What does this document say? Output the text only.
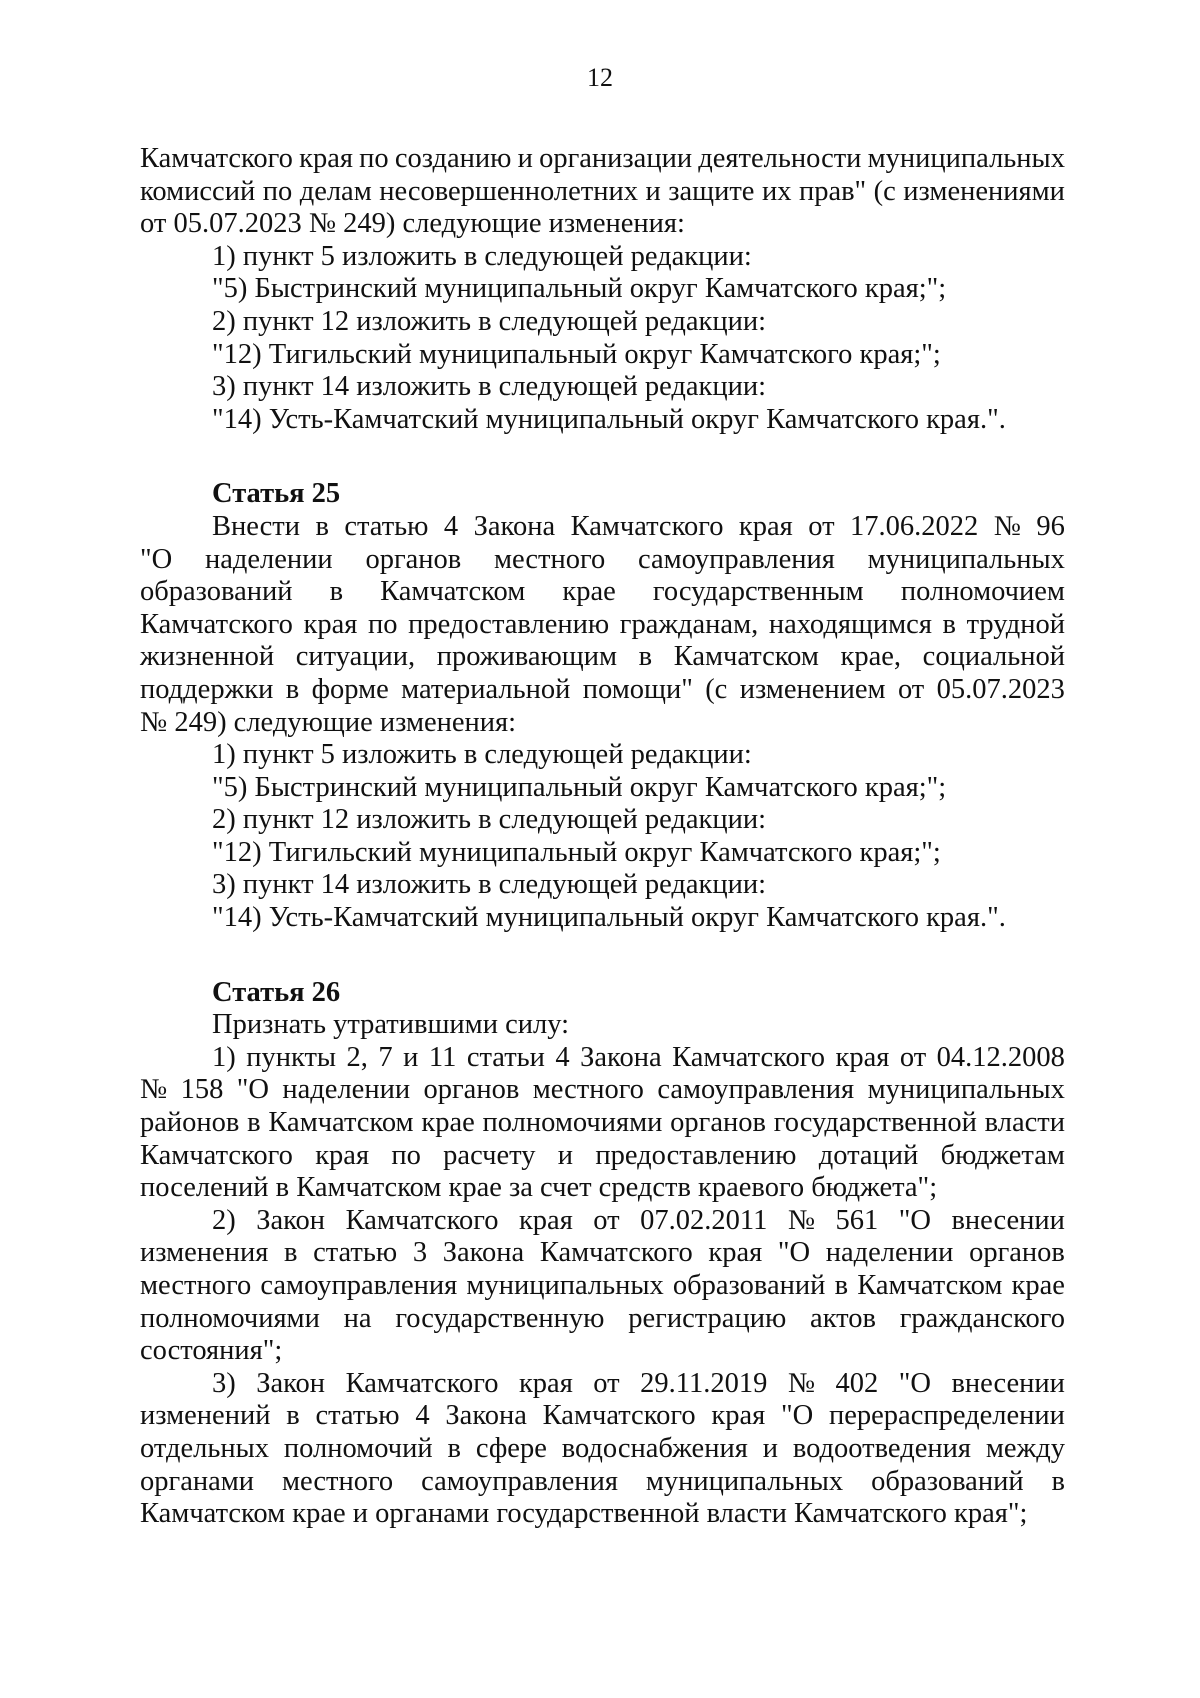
12
Камчатского края по созданию и организации деятельности муниципальных
комиссий по делам несовершеннолетних и защите их прав" (с изменениями
от 05.07.2023 № 249) следующие изменения:
1) пункт 5 изложить в следующей редакции:
"5) Быстринский муниципальный округ Камчатского края;";
2) пункт 12 изложить в следующей редакции:
"12) Тигильский муниципальный округ Камчатского края;";
3) пункт 14 изложить в следующей редакции:
"14) Усть-Камчатский муниципальный округ Камчатского края.".
Статья 25
Внести в статью 4 Закона Камчатского края от 17.06.2022 № 96
"О наделении органов местного самоуправления муниципальных
образований в Камчатском крае государственным полномочием
Камчатского края по предоставлению гражданам, находящимся в трудной
жизненной ситуации, проживающим в Камчатском крае, социальной
поддержки в форме материальной помощи" (с изменением от 05.07.2023
№ 249) следующие изменения:
1) пункт 5 изложить в следующей редакции:
"5) Быстринский муниципальный округ Камчатского края;";
2) пункт 12 изложить в следующей редакции:
"12) Тигильский муниципальный округ Камчатского края;";
3) пункт 14 изложить в следующей редакции:
"14) Усть-Камчатский муниципальный округ Камчатского края.".
Статья 26
Признать утратившими силу:
1) пункты 2, 7 и 11 статьи 4 Закона Камчатского края от 04.12.2008
№ 158 "О наделении органов местного самоуправления муниципальных
районов в Камчатском крае полномочиями органов государственной власти
Камчатского края по расчету и предоставлению дотаций бюджетам
поселений в Камчатском крае за счет средств краевого бюджета";
2) Закон Камчатского края от 07.02.2011 № 561 "О внесении
изменения в статью 3 Закона Камчатского края "О наделении органов
местного самоуправления муниципальных образований в Камчатском крае
полномочиями на государственную регистрацию актов гражданского
состояния";
3) Закон Камчатского края от 29.11.2019 № 402 "О внесении
изменений в статью 4 Закона Камчатского края "О перераспределении
отдельных полномочий в сфере водоснабжения и водоотведения между
органами местного самоуправления муниципальных образований в
Камчатском крае и органами государственной власти Камчатского края";
